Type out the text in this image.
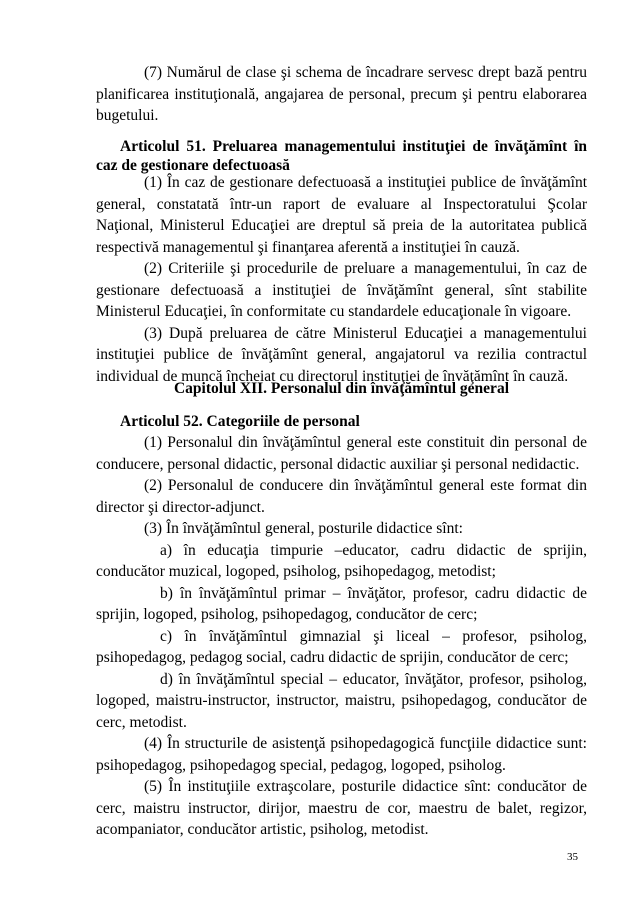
(7) Numărul de clase şi schema de încadrare servesc drept bază pentru planificarea instituţională, angajarea de personal, precum şi pentru elaborarea bugetului.

Articolul 51. Preluarea managementului instituţiei de învăţămînt în caz de gestionare defectuoasă

(1) În caz de gestionare defectuoasă a instituţiei publice de învăţămînt general, constatată într-un raport de evaluare al Inspectoratului Şcolar Naţional, Ministerul Educaţiei are dreptul să preia de la autoritatea publică respectivă managementul şi finanţarea aferentă a instituţiei în cauză.

(2) Criteriile şi procedurile de preluare a managementului, în caz de gestionare defectuoasă a instituţiei de învăţămînt general, sînt stabilite Ministerul Educaţiei, în conformitate cu standardele educaţionale în vigoare.

(3) După preluarea de către Ministerul Educaţiei a managementului instituţiei publice de învăţămînt general, angajatorul va rezilia contractul individual de muncă încheiat cu directorul instituţiei de învăţămînt în cauză.

Capitolul XII. Personalul din învăţămîntul general

Articolul 52. Categoriile de personal

(1) Personalul din învăţămîntul general este constituit din personal de conducere, personal didactic, personal didactic auxiliar şi personal nedidactic.

(2) Personalul de conducere din învăţămîntul general este format din director şi director-adjunct.

(3) În învăţămîntul general, posturile didactice sînt:

a) în educaţia timpurie –educator, cadru didactic de sprijin, conducător muzical, logoped, psiholog, psihopedagog, metodist;

b) în învăţămîntul primar – învăţător, profesor, cadru didactic de sprijin, logoped, psiholog, psihopedagog, conducător de cerc;

c) în învăţămîntul gimnazial şi liceal – profesor, psiholog, psihopedagog, pedagog social, cadru didactic de sprijin, conducător de cerc;

d) în învăţămîntul special – educator, învăţător, profesor, psiholog, logoped, maistru-instructor, instructor, maistru, psihopedagog, conducător de cerc, metodist.

(4) În structurile de asistenţă psihopedagogică funcţiile didactice sunt: psihopedagog, psihopedagog special, pedagog, logoped, psiholog.

(5) În instituţiile extraşcolare, posturile didactice sînt: conducător de cerc, maistru instructor, dirijor, maestru de cor, maestru de balet, regizor, acompaniator, conducător artistic, psiholog, metodist.

35
